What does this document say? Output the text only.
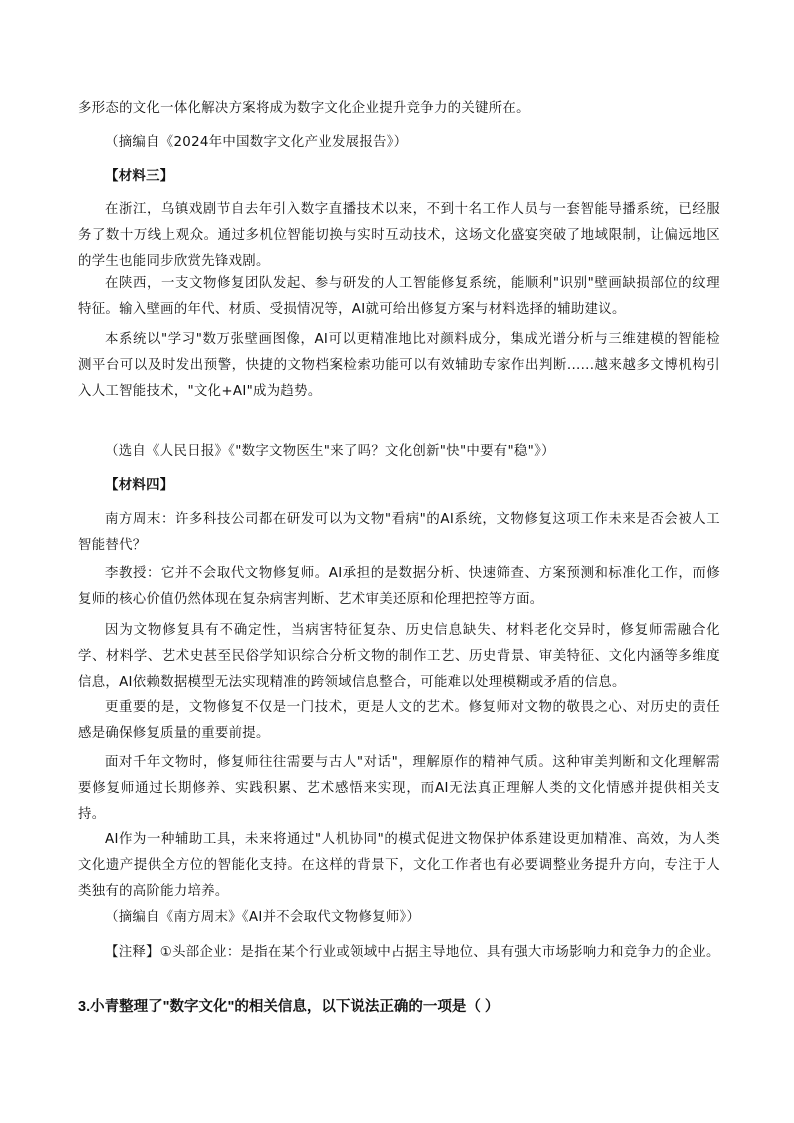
多形态的文化一体化解决方案将成为数字文化企业提升竞争力的关键所在。

（摘编自《2024年中国数字文化产业发展报告》）

【材料三】

在浙江，乌镇戏剧节自去年引入数字直播技术以来，不到十名工作人员与一套智能导播系统，已经服务了数十万线上观众。通过多机位智能切换与实时互动技术，这场文化盛宴突破了地域限制，让偏远地区的学生也能同步欣赏先锋戏剧。

在陕西，一支文物修复团队发起、参与研发的人工智能修复系统，能顺利"识别"壁画缺损部位的纹理特征。输入壁画的年代、材质、受损情况等，AI就可给出修复方案与材料选择的辅助建议。

本系统以"学习"数万张壁画图像，AI可以更精准地比对颜料成分，集成光谱分析与三维建模的智能检测平台可以及时发出预警，快捷的文物档案检索功能可以有效辅助专家作出判断......越来越多文博机构引入人工智能技术，"文化+AI"成为趋势。

（选自《人民日报》《"数字文物医生"来了吗？文化创新"快"中要有"稳"》）

【材料四】

南方周末：许多科技公司都在研发可以为文物"看病"的AI系统，文物修复这项工作未来是否会被人工智能替代？

李教授：它并不会取代文物修复师。AI承担的是数据分析、快速筛查、方案预测和标准化工作，而修复师的核心价值仍然体现在复杂病害判断、艺术审美还原和伦理把控等方面。

因为文物修复具有不确定性，当病害特征复杂、历史信息缺失、材料老化交异时，修复师需融合化学、材料学、艺术史甚至民俗学知识综合分析文物的制作工艺、历史背景、审美特征、文化内涵等多维度信息，AI依赖数据模型无法实现精准的跨领域信息整合，可能难以处理模糊或矛盾的信息。

更重要的是，文物修复不仅是一门技术，更是人文的艺术。修复师对文物的敬畏之心、对历史的责任感是确保修复质量的重要前提。

面对千年文物时，修复师往往需要与古人"对话"，理解原作的精神气质。这种审美判断和文化理解需要修复师通过长期修养、实践积累、艺术感悟来实现，而AI无法真正理解人类的文化情感并提供相关支持。

AI作为一种辅助工具，未来将通过"人机协同"的模式促进文物保护体系建设更加精准、高效，为人类文化遗产提供全方位的智能化支持。在这样的背景下，文化工作者也有必要调整业务提升方向，专注于人类独有的高阶能力培养。

（摘编自《南方周末》《AI并不会取代文物修复师》）

【注释】①头部企业：是指在某个行业或领域中占据主导地位、具有强大市场影响力和竞争力的企业。

3.小青整理了"数字文化"的相关信息，以下说法正确的一项是（ ）
